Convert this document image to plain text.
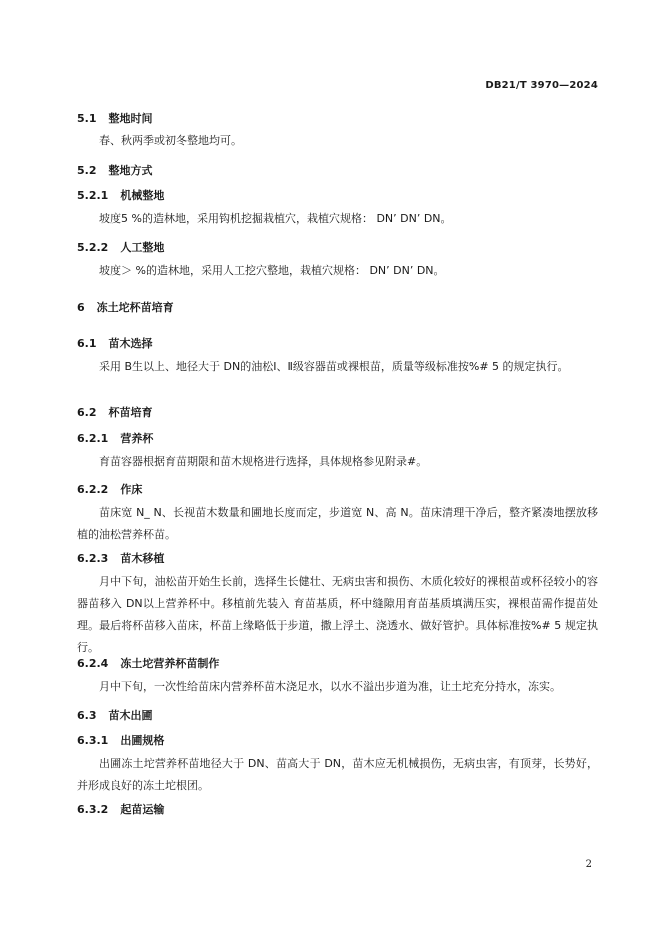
DB21/T 3970—2024
5.1 整地时间
春、秋两季或初冬整地均可。
5.2 整地方式
5.2.1 机械整地
坡度5 %的造林地，采用钩机挖掘栽植穴，栽植穴规格： DN’ DN’ DN。
5.2.2 人工整地
坡度＞ %的造林地，采用人工挖穴整地，栽植穴规格： DN’ DN’ DN。
6 冻土坨杯苗培育
6.1 苗木选择
采用 B生以上、地径大于 DN的油松Ⅰ、Ⅱ级容器苗或裸根苗，质量等级标准按%# 5 的规定执行。
6.2 杯苗培育
6.2.1 营养杯
育苗容器根据育苗期限和苗木规格进行选择，具体规格参见附录#。
6.2.2 作床
苗床宽 N_ N、长视苗木数量和圃地长度而定，步道宽 N、高 N。苗床清理干净后，整齐紧凑地摆放移植的油松营养杯苗。
6.2.3 苗木移植
月中下旬，油松苗开始生长前，选择生长健壮、无病虫害和损伤、木质化较好的裸根苗或杯径较小的容器苗移入 DN以上营养杯中。移植前先装入 育苗基质，杯中缝隙用育苗基质填满压实，裸根苗需作提苗处理。最后将杯苗移入苗床，杯苗上缘略低于步道，撒上浮土、浇透水、做好管护。具体标准按%# 5 规定执行。
6.2.4 冻土坨营养杯苗制作
月中下旬，一次性给苗床内营养杯苗木浇足水，以水不溢出步道为准，让土坨充分持水，冻实。
6.3 苗木出圃
6.3.1 出圃规格
出圃冻土坨营养杯苗地径大于 DN、苗高大于 DN，苗木应无机械损伤，无病虫害，有顶芽，长势好，并形成良好的冻土坨根团。
6.3.2 起苗运输
2
